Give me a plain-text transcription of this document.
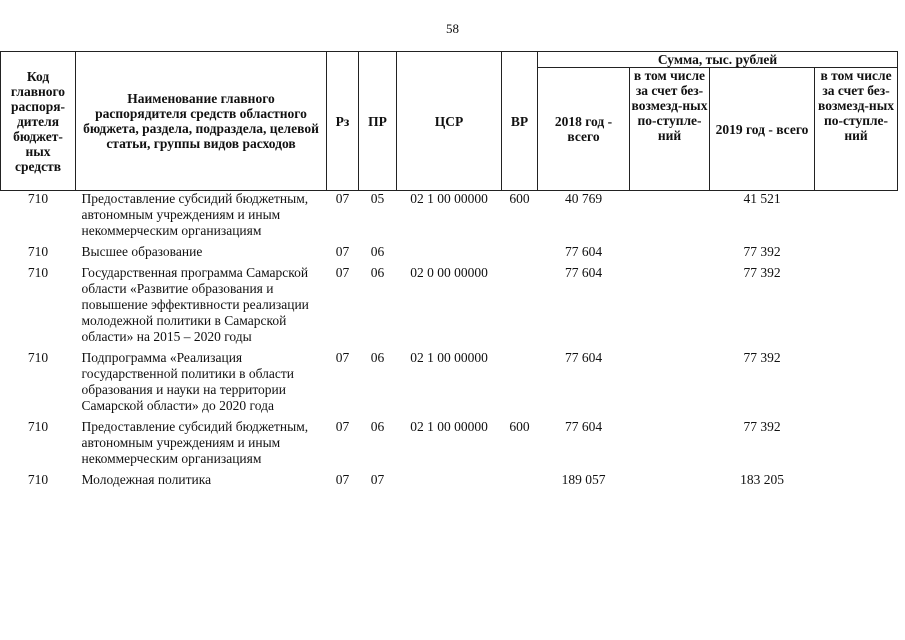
58
Код главного распоря-дителя бюджет-ных средств	Наименование главного распорядителя средств областного бюджета, раздела, подраздела, целевой статьи, группы видов расходов	Рз	ПР	ЦСР	ВР	Сумма, тыс. рублей			
						2018 год - всего	в том числе за счет без-возмезд-ных по-ступле-ний	2019 год - всего	в том числе за счет без-возмезд-ных по-ступле-ний
710	Предоставление субсидий бюджетным, автономным учреждениям и иным некоммерческим организациям	07	05	02 1 00 00000	600	40 769		41 521	
710	Высшее образование	07	06			77 604		77 392	
710	Государственная программа Самарской области «Развитие образования и повышение эффективности реализации молодежной политики в Самарской области» на 2015 – 2020 годы	07	06	02 0 00 00000		77 604		77 392	
710	Подпрограмма «Реализация государственной политики в области образования и науки на территории Самарской области» до 2020 года	07	06	02 1 00 00000		77 604		77 392	
710	Предоставление субсидий бюджетным, автономным учреждениям и иным некоммерческим организациям	07	06	02 1 00 00000	600	77 604		77 392	
710	Молодежная политика	07	07			189 057		183 205	
